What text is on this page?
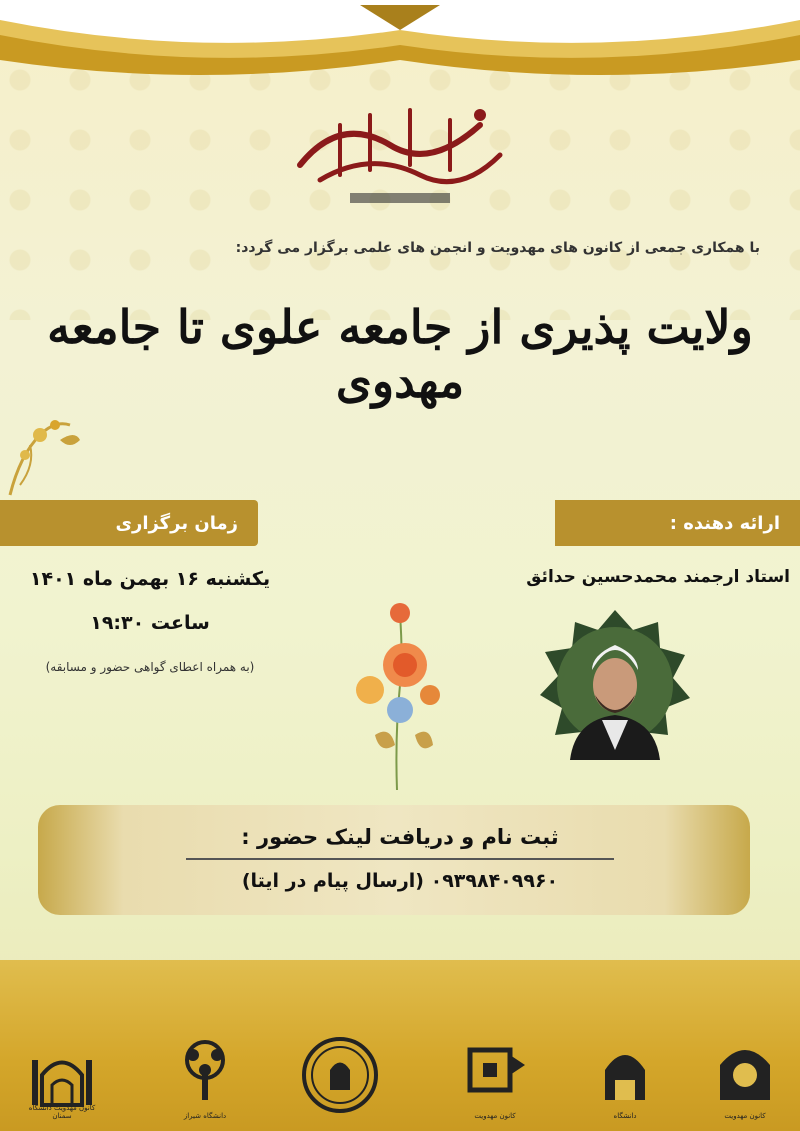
با همکاری جمعی از کانون های مهدویت و انجمن های علمی برگزار می گردد:
ولایت پذیری از جامعه علوی تا جامعه مهدوی
زمان برگزاری	ارائه دهنده :
استاد ارجمند محمدحسین حدائق
یکشنبه ۱۶ بهمن ماه ۱۴۰۱
ساعت ۱۹:۳۰
(به همراه اعطای گواهی حضور و مسابقه)
ثبت نام و دریافت لینک حضور :
۰۹۳۹۸۴۰۹۹۶۰ (ارسال پیام در ایتا)
کانون مهدویت دانشگاه سمنان	دانشگاه شیراز	کانون مهدویت	دانشگاه	کانون مهدویت
